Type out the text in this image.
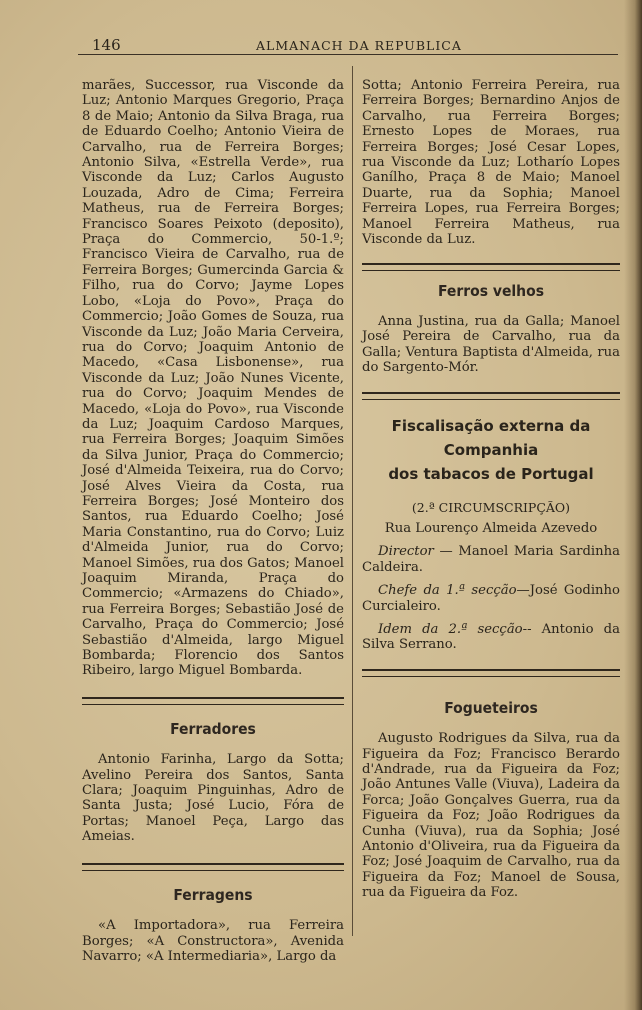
146	ALMANACH DA REPUBLICA

marães, Successor, rua Visconde da Luz; Antonio Marques Gregorio, Praça 8 de Maio; Antonio da Silva Braga, rua de Eduardo Coelho; Antonio Vieira de Carvalho, rua de Ferreira Borges; Antonio Silva, «Estrella Verde», rua Visconde da Luz; Carlos Augusto Louzada, Adro de Cima; Ferreira Matheus, rua de Ferreira Borges; Francisco Soares Peixoto (deposito), Praça do Commercio, 50-1.º; Francisco Vieira de Carvalho, rua de Ferreira Borges; Gumercinda Garcia & Filho, rua do Corvo; Jayme Lopes Lobo, «Loja do Povo», Praça do Commercio; João Gomes de Souza, rua Visconde da Luz; João Maria Cerveira, rua do Corvo; Joaquim Antonio de Macedo, «Casa Lisbonense», rua Visconde da Luz; João Nunes Vicente, rua do Corvo; Joaquim Mendes de Macedo, «Loja do Povo», rua Visconde da Luz; Joaquim Cardoso Marques, rua Ferreira Borges; Joaquim Simões da Silva Junior, Praça do Commercio; José d'Almeida Teixeira, rua do Corvo; José Alves Vieira da Costa, rua Ferreira Borges; José Monteiro dos Santos, rua Eduardo Coelho; José Maria Constantino, rua do Corvo; Luiz d'Almeida Junior, rua do Corvo; Manoel Simões, rua dos Gatos; Manoel Joaquim Miranda, Praça do Commercio; «Armazens do Chiado», rua Ferreira Borges; Sebastião José de Carvalho, Praça do Commercio; José Sebastião d'Almeida, largo Miguel Bombarda; Florencio dos Santos Ribeiro, largo Miguel Bombarda.

Ferradores

Antonio Farinha, Largo da Sotta; Avelino Pereira dos Santos, Santa Clara; Joaquim Pinguinhas, Adro de Santa Justa; José Lucio, Fóra de Portas; Manoel Peça, Largo das Ameias.

Ferragens

«A Importadora», rua Ferreira Borges; «A Constructora», Avenida Navarro; «A Intermediaria», Largo da

Sotta; Antonio Ferreira Pereira, rua Ferreira Borges; Bernardino Anjos de Carvalho, rua Ferreira Borges; Ernesto Lopes de Moraes, rua Ferreira Borges; José Cesar Lopes, rua Visconde da Luz; Lotharío Lopes Ganílho, Praça 8 de Maio; Manoel Duarte, rua da Sophia; Manoel Ferreira Lopes, rua Ferreira Borges; Manoel Ferreira Matheus, rua Visconde da Luz.

Ferros velhos

Anna Justina, rua da Galla; Manoel José Pereira de Carvalho, rua da Galla; Ventura Baptista d'Almeida, rua do Sargento-Mór.

Fiscalisação externa da Companhia
dos tabacos de Portugal
(2.ª CIRCUMSCRIPÇÃO)
Rua Lourenço Almeida Azevedo

Director — Manoel Maria Sardinha Caldeira.

Chefe da 1.ª secção—José Godinho Curcialeiro.

Idem da 2.ª secção-- Antonio da Silva Serrano.

Fogueteiros

Augusto Rodrigues da Silva, rua da Figueira da Foz; Francisco Berardo d'Andrade, rua da Figueira da Foz; João Antunes Valle (Viuva), Ladeira da Forca; João Gonçalves Guerra, rua da Figueira da Foz; João Rodrigues da Cunha (Viuva), rua da Sophia; José Antonio d'Oliveira, rua da Figueira da Foz; José Joaquim de Carvalho, rua da Figueira da Foz; Manoel de Sousa, rua da Figueira da Foz.
